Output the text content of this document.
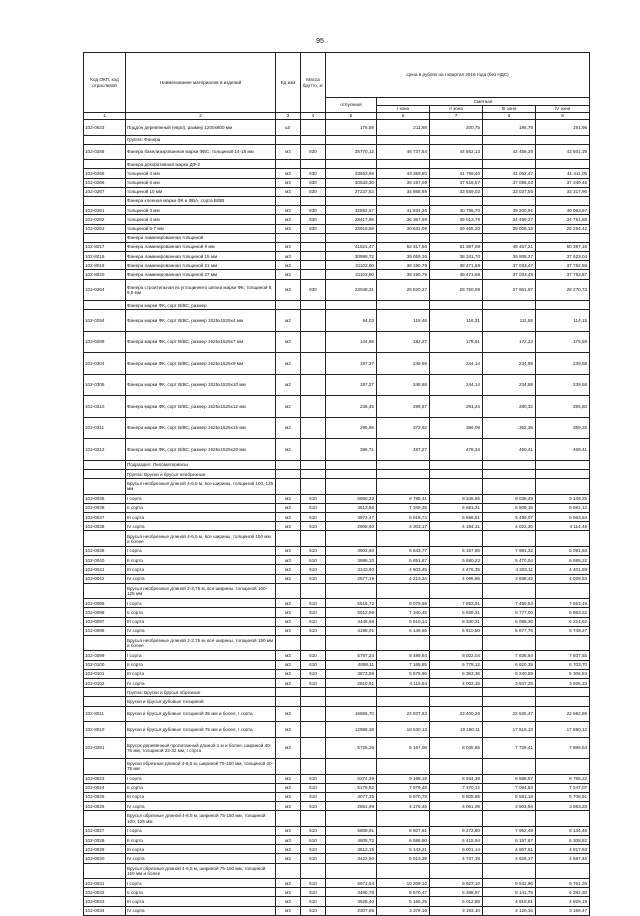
95
Код ОКП, код отраслевой	Наименование материалов и изделий	Ед изм	Масса брутто, кг	Цена в рублях на I квартал 2016 года (без НДС)				
				отпускная	Сметная			
					I зона	II зона	III зона	IV зона
1	2	3	4	5	6	7	8	9
102-0533	Поддон деревянный (евро), размер 1200х800 мм	шт		176.59	211,98	200,75	186,79	191,96
	Группа: Фанера							
102-0288	Фанера бакелизированная марки ФБС, толщиной 14-18 мм	м3	830	35770,12	46 737,54	44 562,13	42 468,39	43 801,39
	Фанера декоративная марки ДФ-2							
102-0265	толщиной 4 мм	м3	830	33653,69	43 359,80	41 769,40	41 062,47	41 411,05
102-0266	толщиной 5 мм	м3	830	30533,30	39 197,09	37 618,57	37 095,03	37 349,45
102-0267	толщиной 10 мм	м3	830	27237,53	34 865,69	33 559,02	33 037,55	33 317,96
	Фанера клееная марки ФК и ФБА, сорта В/ВВ							
102-0261	толщиной 3 мм	м3	830	32862,67	41 834,36	40 786,70	39 200,91	40 063,67
102-0262	толщиной 4 мм	м3	830	28417,95	36 367,69	35 013,79	34 469,27	34 751,88
102-0263	толщиной 5-7 мм	м3	830	23915,59	30 631,09	29 465,20	29 008,15	29 254,42
	Фанера ламинированная толщиной							
102-8017	Фанера ламинированная толщиной 9 мм	м3		41521,47	52 317,56	51 387,08	49 457,21	50 397,16
102-8018	Фанера ламинированная толщиной 15 мм	м3		30998,72	39 059,36	38 341,70	36 908,37	37 623,04
102-8019	Фанера ламинированная толщиной 21 мм	м3		31103,80	39 190,79	38 471,68	37 033,47	37 752,58
102-8020	Фанера ламинированная толщиной 27 мм	м3		31103,80	39 190,79	38 471,68	37 033,48	37 752,57
102-0264	Фанера строительная из углоциннего шпона марки ФК, толщиной 8, 9,5 мм	м3	830	23048,31	29 520,27	28 760,99	27 961,97	28 270,73
	Фанера марки ФК, сорт В/ВС, размер							
102-0294	Фанера марки ФК, сорт В/ВС, размер 1525х1525х4 мм	м2		94,03	118,46	116,31	111,95	114,15
102-0299	Фанера марки ФК, сорт В/ВС, размер 1525х1525х7 мм	м2		144,66	182,27	178,91	172,23	175,59
102-0304	Фанера марки ФК, сорт В/ВС, размер 1525х1525х9 мм	м2		197,37	248,69	244,14	234,98	239,58
102-0305	Фанера марки ФК, сорт В/ВС, размер 1525х1525х10 мм	м2		197,37	248,69	244,14	234,98	239,58
102-0310	Фанера марки ФК, сорт В/ВС, размер 1525х1525х12 мм	м2		235,45	296,67	291,24	280,32	285,80
102-0311	Фанера марки ФК, сорт В/ВС, размер 1525х1525х15 мм	м2		295,95	372,92	366,09	352,36	359,26
102-0312	Фанера марки ФК, сорт В/ВС, размер 1525х1525х20 мм	м2		386,71	487,27	478,34	460,41	469,41
	Подраздел: Пиломатериалы							
	Группа: Бруски и брусья необрезные							
	Брусья необрезные длиной 4-6,5 м, все ширины, толщиной 100, 125 мм							
102-0035	I сорта	м3	610	6860,22	9 785,41	9 346,65	9 035,49	9 149,25
102-0036	II сорта	м3	610	4513,86	7 349,39	6 681,31	6 509,16	6 591,12
102-0037	III сорта	м3	610	3973,47	5 818,74	5 656,01	5 499,07	5 563,54
102-0038	IV сорта	м3	610	2908,60	4 303,17	4 184,31	4 022,30	4 114,45
	Брусья необрезные длиной 4-6,5 м, все ширины, толщиной 150 мм и более							
102-0039	I сорта	м3	610	3902,80	6 643,77	6 157,86	7 981,32	5 091,63
102-0040	II сорта	м3	610	3996,10	5 851,67	5 690,23	5 470,04	5 595,22
102-0041	III сорта	м3	610	3143,60	4 603,45	4 476,35	4 303,11	4 401,59
102-0042	IV сорта	м3	610	2577,19	4 213,34	4 096,96	3 938,42	4 028,53
	Брусья необрезные длиной 2-3,75 м, все ширины, толщиной 100-125 мм							
102-0095	I сорта	м3	610	5516,72	8 079,68	7 853,91	7 459,54	7 553,49
102-0096	II сорта	м3	610	5012,59	7 340,45	6 939,31	6 777,00	6 863,32
102-0097	III сорта	м3	610	4445,58	6 510,14	6 330,31	6 085,36	6 224,62
102-0098	IV сорта	м3	610	4198,01	6 149,65	5 810,50	5 677,76	5 748,27
	Брусья необрезные длиной 2-3,75 м, все ширины, толщиной 150 мм и более							
102-0099	I сорта	м3	610	5797,24	8 489,64	8 022,04	7 838,64	7 937,55
102-0100	II сорта	м3	610	4898,11	7 169,85	6 778,12	6 620,39	6 703,70
102-0101	III сорта	м3	610	3873,59	5 675,66	5 363,36	5 240,59	5 306,84
102-0102	IV сорта	м3	610	2810,61	4 115,84	4 002,15	3 847,28	3 935,33
	Группа: Бруски и брусья обрезные							
	Бруски и брусья дубовые толщиной							
102-8011	Бруски и брусья дубовые толщиной 35 мм и более, I сорта	м3		16866,70	23 837,63	23 400,26	22 525,47	22 962,86
102-8010	Бруски и брусья дубовые толщиной 75 мм и более, I сорта	м3		12968,18	18 530,13	18 180,11	17 516,10	17 850,12
102-0281	Брусок деревянный пропитанный длиной 1 м и более, шириной 40-75 мм, толщиной 22-32 мм, I сорта	м3		5725,25	8 167,08	8 035,65	7 725,41	7 886,64
	Бруски обрезные длиной 4-6,5 м, шириной 75-150 мм, толщиной 40-75 мм							
102-0023	I сорта	м3	610	6274,39	9 188,19	8 934,39	8 588,67	8 785,22
102-0024	II сорта	м3	610	5175,82	7 579,49	7 370,12	7 084,93	7 247,07
102-0025	III сорта	м3	610	4077,35	5 970,78	5 805,85	5 581,19	5 708,91
102-0026	IV сорта	м3	610	2851,99	4 176,45	4 061,09	3 903,94	3 993,28
	Брусья обрезные длиной 4-6,5 м, шириной 75-150 мм, толщиной 100, 125 мм							
102-0027	I сорта	м3	610	5809,61	8 507,61	8 272,60	7 952,49	8 134,46
102-0028	II сорта	м3	610	4605,72	6 586,90	6 415,94	6 167,67	6 308,82
102-0029	III сорта	м3	610	3512,15	5 143,21	5 001,14	4 807,61	4 917,63
102-0030	IV сорта	м3	610	3423,50	5 013,39	4 737,38	4 628,17	4 687,45
	Брусья обрезные длиной 4-6,5 м, шириной 75-150 мм, толщиной 150 мм и более							
102-0031	I сорта	м3	610	6971,54	10 209,10	9 927,10	9 542,96	9 761,35
102-0032	II сорта	м3	610	4485,78	6 570,47	6 388,97	6 141,75	6 282,30
102-0033	III сорта	м3	610	3528,40	5 155,29	5 012,88	4 818,61	4 929,19
102-0034	IV сорта	м3	610	2307,55	3 379,16	3 193,10	3 120,16	3 159,47
